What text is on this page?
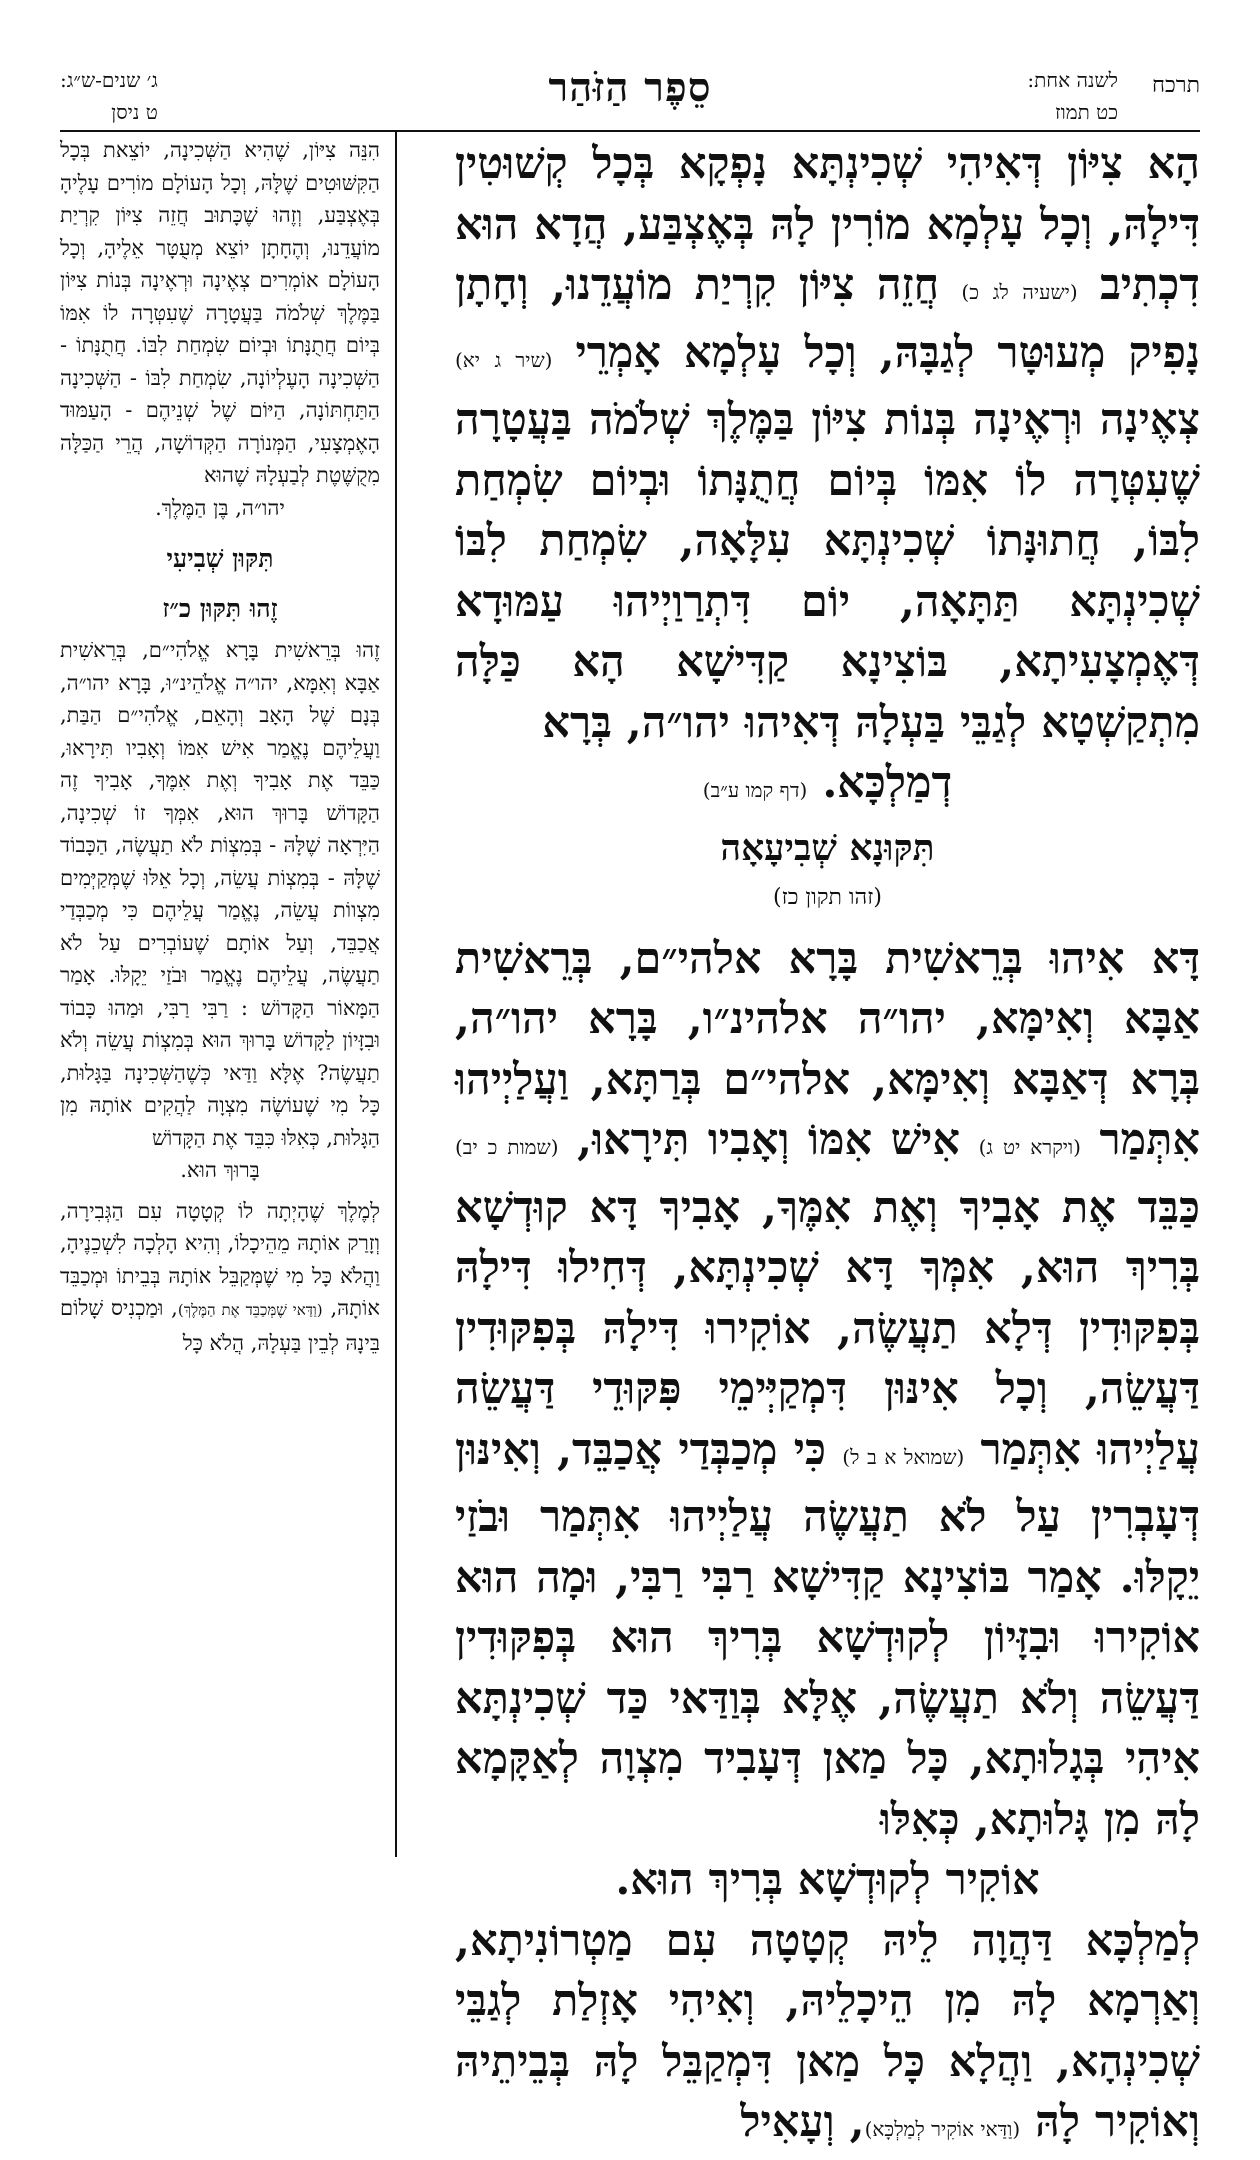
תרכח
לשנה אחת:
כט תמוז
סֵפֶר הַזֹּהַר
ג׳ שנים-ש״ג:
ט ניסן

הָא צִיּוֹן דְּאִיהִי שְׁכִינְתָּא נָפְקָא בְּכָל קְשׁוּטִין דִּילָהּ, וְכָל עָלְמָא מוֹרִין לָהּ בְּאֶצְבַּע, הֲדָא הוּא דִכְתִיב (ישעיה לג כ) חֲזֵה צִיּוֹן קִרְיַת מוֹעֲדֵנוּ, וְחָתָן נָפִיק מְעוּטָּר לְגַבָּהּ, וְכָל עָלְמָא אָמְרֵי (שיר ג יא) צְאֶינָה וּרְאֶינָה בְּנוֹת צִיּוֹן בַּמֶּלֶךְ שְׁלֹמֹה בַּעֲטָרָה שֶׁעִטְּרָה לוֹ אִמּוֹ בְּיוֹם חֲתֻנָּתוֹ וּבְיוֹם שִׂמְחַת לִבּוֹ, חֲתוּנָּתוֹ שְׁכִינְתָּא עִלָּאָה, שִׂמְחַת לִבּוֹ שְׁכִינְתָּא תַּתָּאָה, יוֹם דִּתְרַוַיְיהוּ עַמּוּדָא דְּאֶמְצָעִיתָא, בּוֹצִינָא קַדִּישָׁא הָא כַּלָּה מִתְקַשְׁטָא לְגַבֵּי בַּעְלָהּ דְּאִיהוּ יהו״ה, בְּרָא

דְמַלְכָּא. (דף קמו ע״ב)

תִּקּוּנָא שְׁבִיעָאָה

(זהו תקון כז)

דָּא אִיהוּ בְּרֵאשִׁית בָּרָא אלהי״ם, בְּרֵאשִׁית אַבָּא וְאִימָּא, יהו״ה אלהינ״ו, בָּרָא יהו״ה, בְּרָא דְּאַבָּא וְאִימָּא, אלהי״ם בְּרַתָּא, וַעֲלַיְיהוּ אִתְּמַר (ויקרא יט ג) אִישׁ אִמּוֹ וְאָבִיו תִּירָאוּ, (שמות כ יב) כַּבֵּד אֶת אָבִיךָ וְאֶת אִמֶּךָ, אָבִיךָ דָּא קוּדְשָׁא בְּרִיךְ הוּא, אִמְּךָ דָּא שְׁכִינְתָּא, דְּחִילוּ דִּילָהּ בְּפִקּוּדִין דְּלָא תַעֲשֶׂה, אוֹקִירוּ דִּילָהּ בְּפִקּוּדִין דַּעֲשֵׂה, וְכָל אִינּוּן דִּמְקַיְּימֵי פִּקּוּדֵי דַּעֲשֵׂה עֲלַיְיהוּ אִתְּמַר (שמואל א ב ל) כִּי מְכַבְּדַי אֲכַבֵּד, וְאִינּוּן דְּעָבְרִין עַל לֹא תַעֲשֶׂה עֲלַיְיהוּ אִתְּמַר וּבֹזַי יֵקָלּוּ. אָמַר בּוֹצִינָא קַדִּישָׁא רַבִּי רַבִּי, וּמָה הוּא אוֹקִירוּ וּבִזָּיוֹן לְקוּדְשָׁא בְּרִיךְ הוּא בְּפִקּוּדִין דַּעֲשֵׂה וְלֹא תַעֲשֶׂה, אֶלָּא בְּוַדַּאי כַּד שְׁכִינְתָּא אִיהִי בְּגָלוּתָא, כָּל מַאן דְּעָבִיד מִצְוָה לְאַקָּמָא לָהּ מִן גָּלוּתָא, כְּאִלּוּ

אוֹקִיר לְקוּדְשָׁא בְּרִיךְ הוּא.

לְמַלְכָּא דַּהֲוָה לֵיהּ קְטָטָה עִם מַטְרוֹנִיתָא, וְאַרְמָא לָהּ מִן הֵיכָלֵיהּ, וְאִיהִי אָזְלַת לְגַבֵּי שְׁכִינְהָא, וַהֲלָא כָּל מַאן דִּמְקַבֵּל לָהּ בְּבֵיתֵיהּ וְאוֹקִיר לָהּ (וַדַּאי אוֹקִיר לְמַלְכָּא), וְעָאִיל

הִנֵּה צִיּוֹן, שֶׁהִיא הַשְּׁכִינָה, יוֹצֵאת בְּכָל הַקִּשּׁוּטִים שֶׁלָּהּ, וְכָל הָעוֹלָם מוֹרִים עָלֶיהָ בְּאֶצְבַּע, וְזֶהוּ שֶׁכָּתוּב חֲזֵה צִיּוֹן קִרְיַת מוֹעֲדֵנוּ, וְהֶחָתָן יוֹצֵא מְעֻטָּר אֵלֶיהָ, וְכָל הָעוֹלָם אוֹמְרִים צְאֶינָה וּרְאֶינָה בְּנוֹת צִיּוֹן בַּמֶּלֶךְ שְׁלֹמֹה בַּעֲטָרָה שֶׁעִטְּרָה לוֹ אִמּוֹ בְּיוֹם חֲתֻנָּתוֹ וּבְיוֹם שִׂמְחַת לִבּוֹ. חֲתֻנָּתוֹ - הַשְּׁכִינָה הָעֶלְיוֹנָה, שִׂמְחַת לִבּוֹ - הַשְּׁכִינָה הַתַּחְתּוֹנָה, הַיּוֹם שֶׁל שְׁנֵיהֶם - הָעַמּוּד הָאֶמְצָעִי, הַמְּנוֹרָה הַקְּדוֹשָׁה, הֲרֵי הַכַּלָּה מִקֻשֶּׁטֶת לְבַעְלָהּ שֶׁהוּא

יהו״ה, בֶּן הַמֶּלֶךְ.

תִּקּוּן שְׁבִיעִי

זֶהוּ תִּקּוּן כ״ז

זֶהוּ בְּרֵאשִׁית בָּרָא אֱלֹהִי״ם, בְּרֵאשִׁית אַבָּא וְאִמָּא, יהו״ה אֱלֹהֵינ״וּ, בָּרָא יהו״ה, בְּנָם שֶׁל הָאָב וְהָאֵם, אֱלֹהִי״ם הַבַּת, וַעֲלֵיהֶם נֶאֱמַר אִישׁ אִמּוֹ וְאָבִיו תִּירָאוּ, כַּבֵּד אֶת אָבִיךָ וְאֶת אִמֶּךָ, אָבִיךָ זֶה הַקָּדוֹשׁ בָּרוּךְ הוּא, אִמְּךָ זוֹ שְׁכִינָה, הַיִּרְאָה שֶׁלָּהּ - בְּמִצְוֹת לֹא תַעֲשֶׂה, הַכָּבוֹד שֶׁלָּהּ - בְּמִצְוֹת עֲשֵׂה, וְכָל אֵלּוּ שֶׁמְּקַיְּמִים מִצְווֹת עֲשֵׂה, נֶאֱמַר עֲלֵיהֶם כִּי מְכַבְּדַי אֲכַבֵּד, וְעַל אוֹתָם שֶׁעוֹבְרִים עַל לֹא תַעֲשֶׂה, עֲלֵיהֶם נֶאֱמַר וּבֹזַי יֵקָלּוּ. אָמַר הַמָּאוֹר הַקָּדוֹשׁ : רַבִּי רַבִּי, וּמַהוּ כָּבוֹד וּבִזָּיוֹן לַקָּדוֹשׁ בָּרוּךְ הוּא בְּמִצְוֹת עֲשֵׂה וְלֹא תַעֲשֶׂה? אֶלָּא וַדַּאי כְּשֶׁהַשְּׁכִינָה בַּגָּלוּת, כָּל מִי שֶׁעוֹשֶׂה מִצְוָה לַהֲקִים אוֹתָהּ מִן הַגָּלוּת, כְּאִלּוּ כִּבֵּד אֶת הַקָּדוֹשׁ

בָּרוּךְ הוּא.

לְמֶלֶךְ שֶׁהָיְתָה לוֹ קְטָטָה עִם הַגְּבִירָה, וְזָרַק אוֹתָהּ מֵהֵיכָלוֹ, וְהִיא הָלְכָה לִשְׁכֵנֶיהָ, וַהֲלֹא כָּל מִי שֶׁמְּקַבֵּל אוֹתָהּ בְּבֵיתוֹ וּמְכַבֵּד אוֹתָהּ, (וַדַּאי שֶׁמְּכַבֵּד אֶת הַמֶּלֶךְ), וּמַכְנִיס שָׁלוֹם בֵּינָהּ לְבֵין בַּעְלָהּ, הֲלֹא כָּל
